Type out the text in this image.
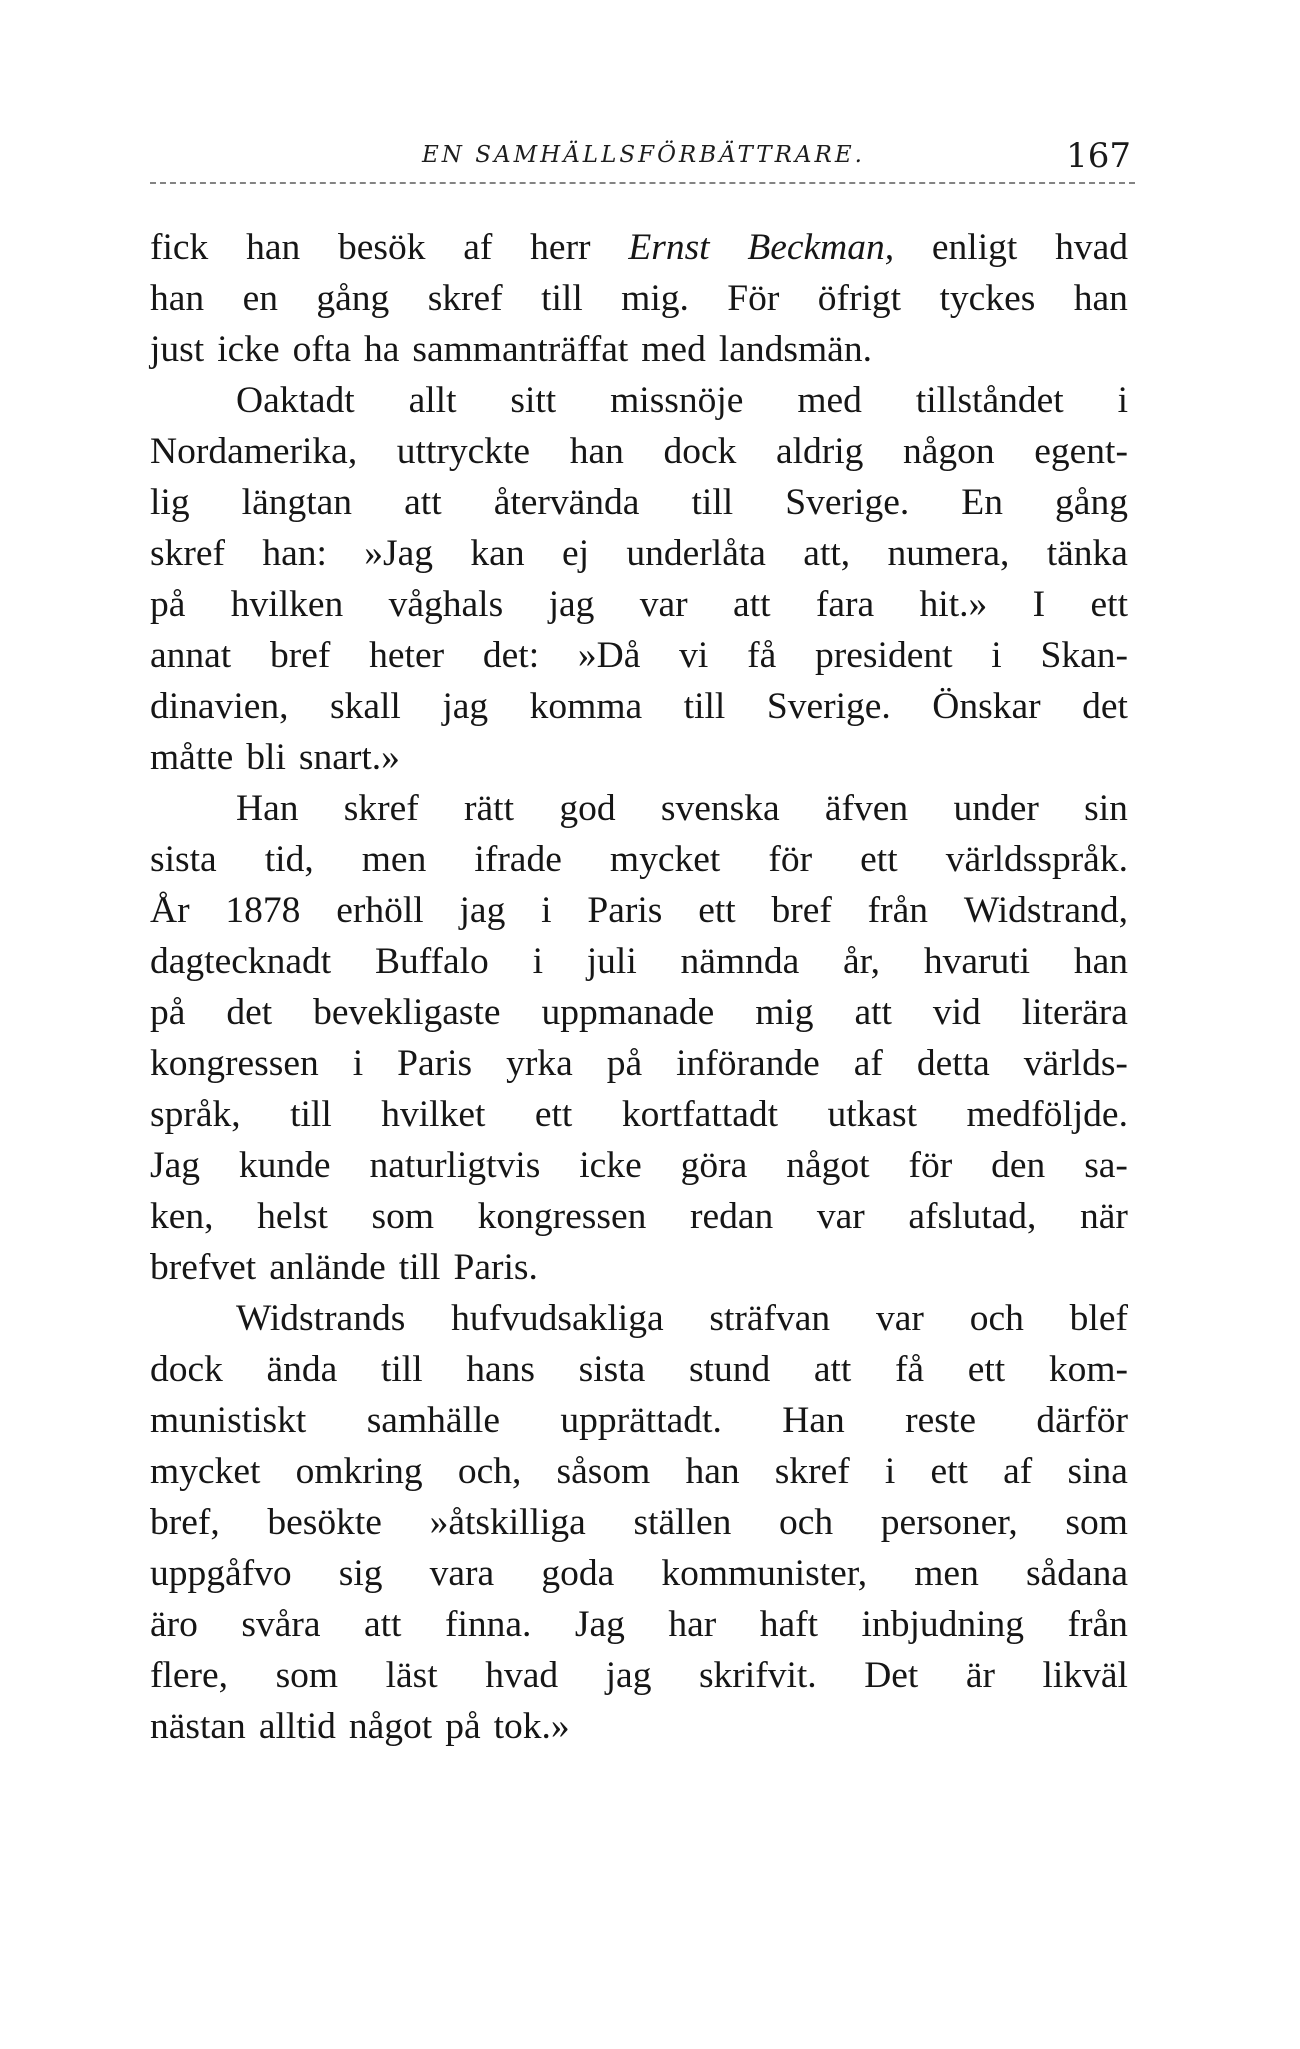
EN SAMHÄLLSFÖRBÄTTRARE.	167
fick han besök af herr Ernst Beckman, enligt hvad
han en gång skref till mig. För öfrigt tyckes han
just icke ofta ha sammanträffat med landsmän.
Oaktadt allt sitt missnöje med tillståndet i
Nordamerika, uttryckte han dock aldrig någon egent-
lig längtan att återvända till Sverige. En gång
skref han: »Jag kan ej underlåta att, numera, tänka
på hvilken våghals jag var att fara hit.» I ett
annat bref heter det: »Då vi få president i Skan-
dinavien, skall jag komma till Sverige. Önskar det
måtte bli snart.»
Han skref rätt god svenska äfven under sin
sista tid, men ifrade mycket för ett världsspråk.
År 1878 erhöll jag i Paris ett bref från Widstrand,
dagtecknadt Buffalo i juli nämnda år, hvaruti han
på det bevekligaste uppmanade mig att vid literära
kongressen i Paris yrka på införande af detta världs-
språk, till hvilket ett kortfattadt utkast medföljde.
Jag kunde naturligtvis icke göra något för den sa-
ken, helst som kongressen redan var afslutad, när
brefvet anlände till Paris.
Widstrands hufvudsakliga sträfvan var och blef
dock ända till hans sista stund att få ett kom-
munistiskt samhälle upprättadt. Han reste därför
mycket omkring och, såsom han skref i ett af sina
bref, besökte »åtskilliga ställen och personer, som
uppgåfvo sig vara goda kommunister, men sådana
äro svåra att finna. Jag har haft inbjudning från
flere, som läst hvad jag skrifvit. Det är likväl
nästan alltid något på tok.»
